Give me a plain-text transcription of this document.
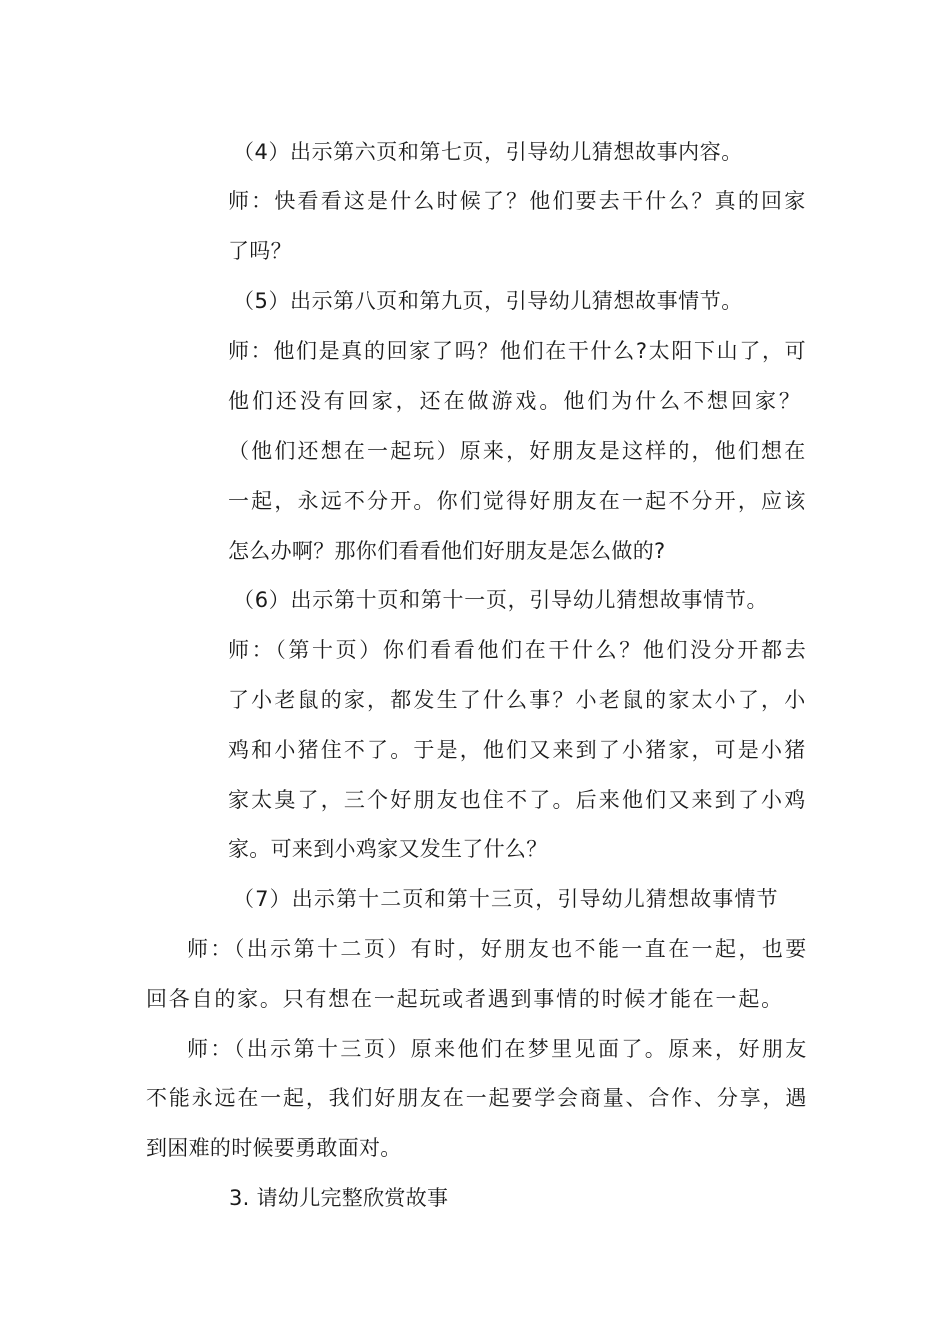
（4）出示第六页和第七页，引导幼儿猜想故事内容。
师：快看看这是什么时候了？他们要去干什么？真的回家
了吗？
（5）出示第八页和第九页，引导幼儿猜想故事情节。
师：他们是真的回家了吗？他们在干什么?太阳下山了，可
他们还没有回家，还在做游戏。他们为什么不想回家？
（他们还想在一起玩）原来，好朋友是这样的，他们想在
一起，永远不分开。你们觉得好朋友在一起不分开，应该
怎么办啊？那你们看看他们好朋友是怎么做的?
（6）出示第十页和第十一页，引导幼儿猜想故事情节。
师：（第十页）你们看看他们在干什么？他们没分开都去
了小老鼠的家，都发生了什么事？小老鼠的家太小了，小
鸡和小猪住不了。于是，他们又来到了小猪家，可是小猪
家太臭了，三个好朋友也住不了。后来他们又来到了小鸡
家。可来到小鸡家又发生了什么？
（7）出示第十二页和第十三页，引导幼儿猜想故事情节
师：（出示第十二页）有时，好朋友也不能一直在一起，也要
回各自的家。只有想在一起玩或者遇到事情的时候才能在一起。
师：（出示第十三页）原来他们在梦里见面了。原来，好朋友
不能永远在一起，我们好朋友在一起要学会商量、合作、分享，遇
到困难的时候要勇敢面对。
3. 请幼儿完整欣赏故事
